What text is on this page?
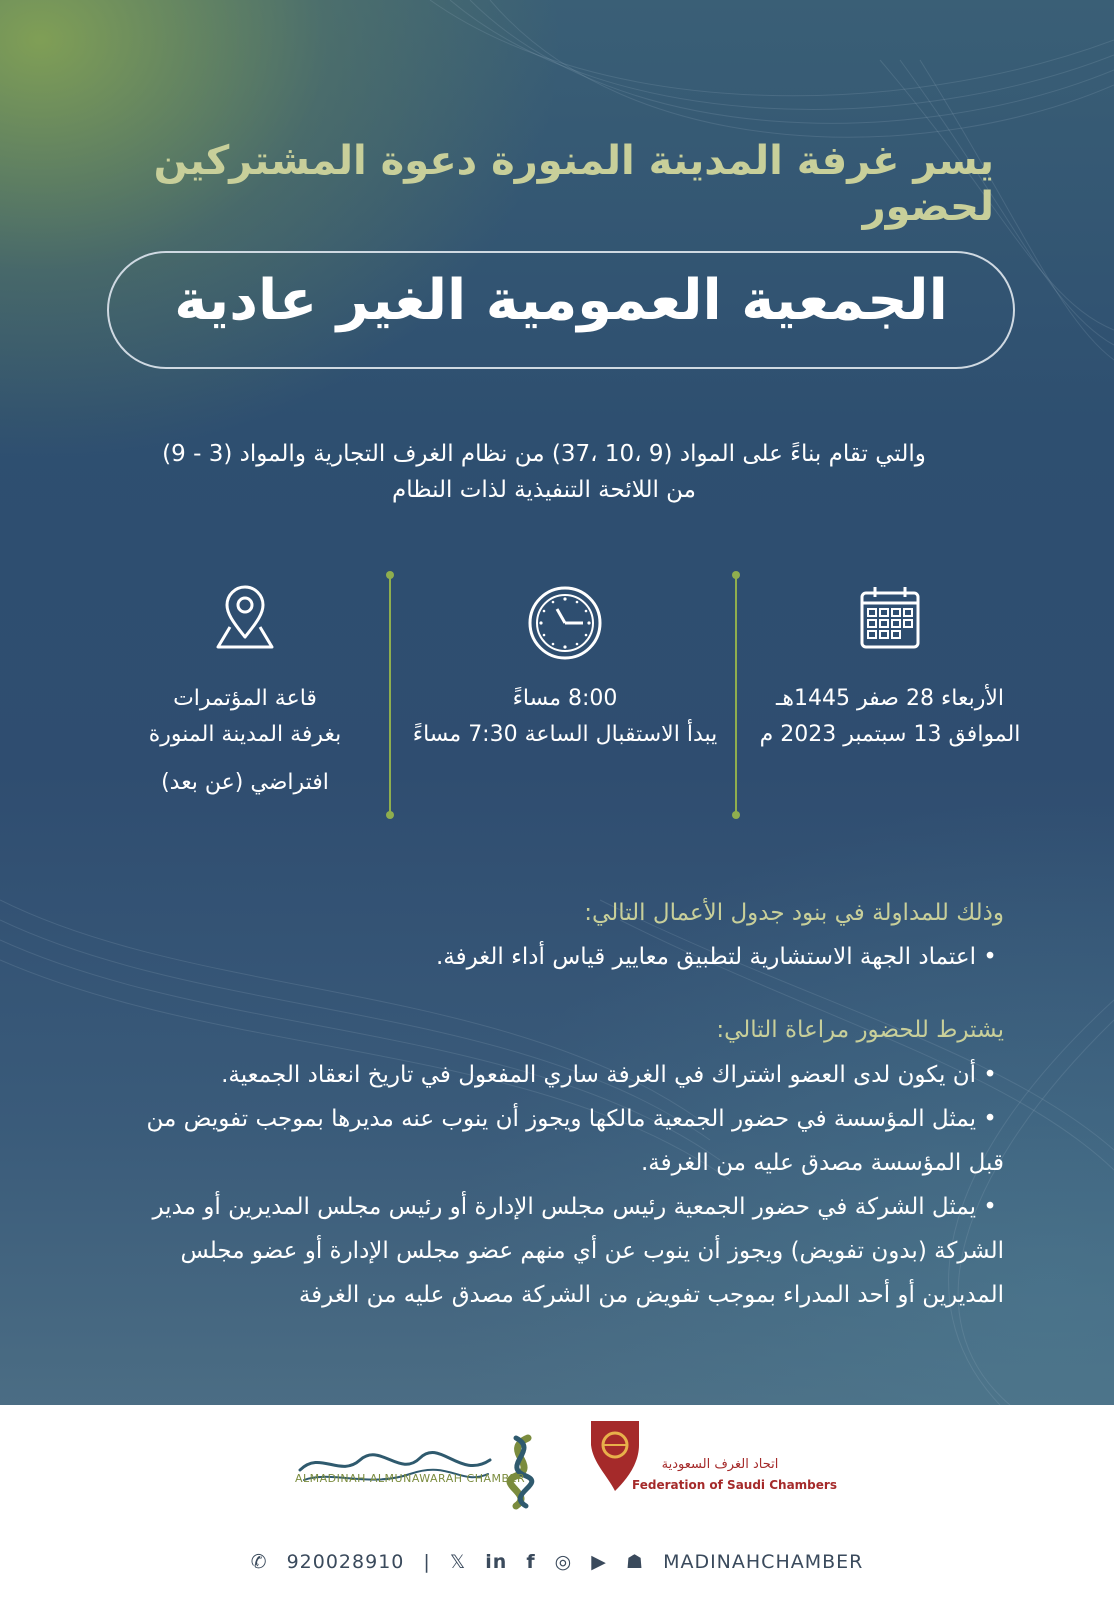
يسر غرفة المدينة المنورة دعوة المشتركين لحضور
الجمعية العمومية الغير عادية
والتي تقام بناءً على المواد (9 ،10 ،37) من نظام الغرف التجارية والمواد (3 - 9)
من اللائحة التنفيذية لذات النظام
الأربعاء 28 صفر 1445هـ
الموافق 13 سبتمبر 2023 م
8:00 مساءً
يبدأ الاستقبال الساعة 7:30 مساءً
قاعة المؤتمرات
بغرفة المدينة المنورة
افتراضي (عن بعد)
وذلك للمداولة في بنود جدول الأعمال التالي:
•اعتماد الجهة الاستشارية لتطبيق معايير قياس أداء الغرفة.
يشترط للحضور مراعاة التالي:
•أن يكون لدى العضو اشتراك في الغرفة ساري المفعول في تاريخ انعقاد الجمعية.
•يمثل المؤسسة في حضور الجمعية مالكها ويجوز أن ينوب عنه مديرها بموجب تفويض من
قبل المؤسسة مصدق عليه من الغرفة.
•يمثل الشركة في حضور الجمعية رئيس مجلس الإدارة أو رئيس مجلس المديرين أو مدير
الشركة (بدون تفويض) ويجوز أن ينوب عن أي منهم عضو مجلس الإدارة أو عضو مجلس
المديرين أو أحد المدراء بموجب تفويض من الشركة مصدق عليه من الغرفة
ALMADINAH ALMUNAWARAH CHAMBER
اتحاد الغرف السعودية
Federation of Saudi Chambers
✆ 920028910 | 𝕏 in f ◎ ▶ ☗ MADINAHCHAMBER
